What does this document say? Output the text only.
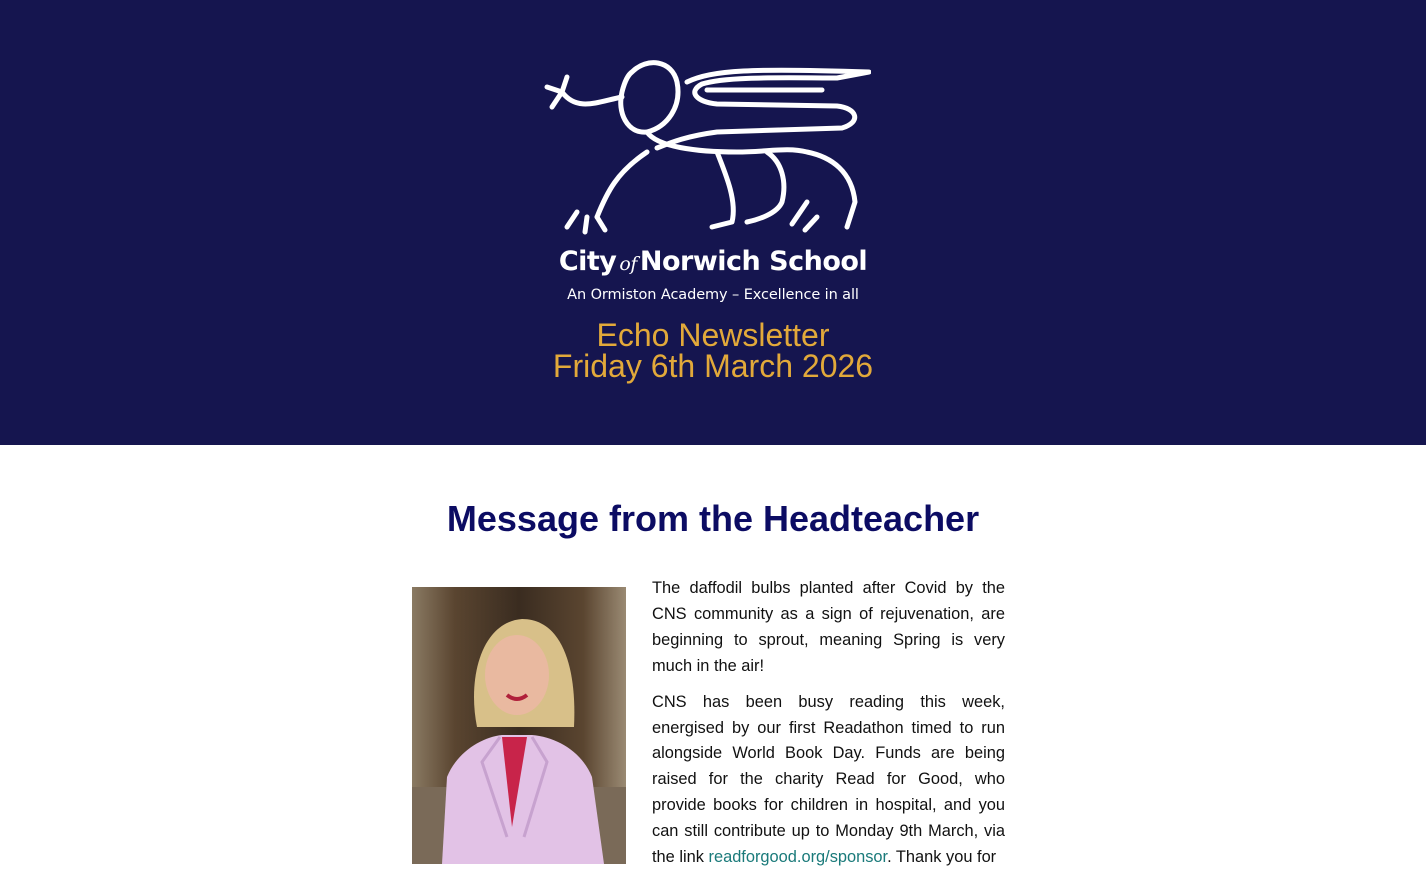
City of Norwich School
An Ormiston Academy – Excellence in all
Echo Newsletter
Friday 6th March 2026
Message from the Headteacher

The daffodil bulbs planted after Covid by the CNS community as a sign of rejuvenation, are beginning to sprout, meaning Spring is very much in the air!

CNS has been busy reading this week, energised by our first Readathon timed to run alongside World Book Day. Funds are being raised for the charity Read for Good, who provide books for children in hospital, and you can still contribute up to Monday 9th March, via the link readforgood.org/sponsor. Thank you for
